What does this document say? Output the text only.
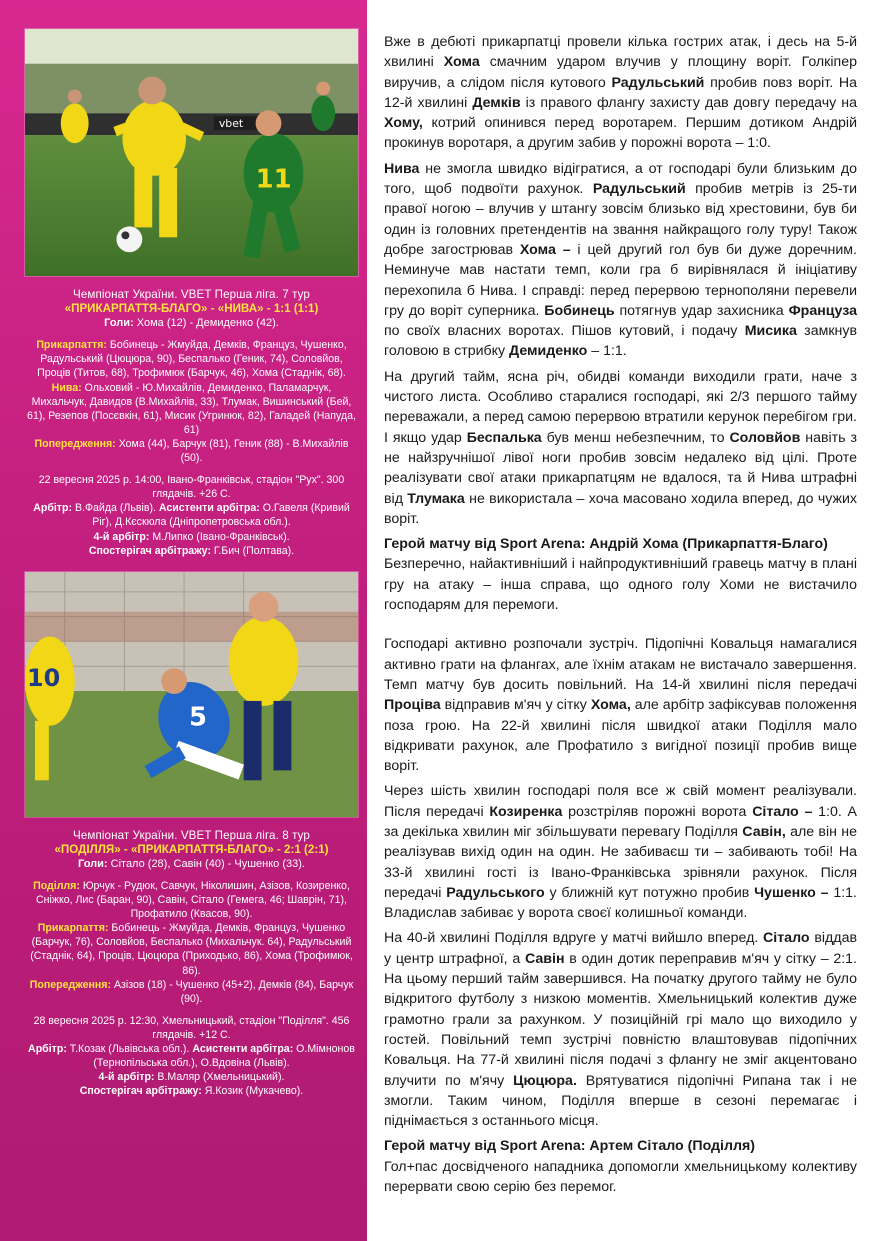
vbet
11
Чемпіонат України. VBET Перша ліга. 7 тур
«ПРИКАРПАТТЯ-БЛАГО» - «НИВА» - 1:1 (1:1)
Голи: Хома (12) - Демиденко (42).
Прикарпаття: Бобинець - Жмуйда, Демків, Француз, Чушенко, Радульський (Цюцюра, 90), Беспалько (Геник, 74), Соловйов, Проців (Титов, 68), Трофимюк (Барчук, 46), Хома (Стаднік, 68).
Нива: Ольховий - Ю.Михайлів, Демиденко, Паламарчук, Михальчук, Давидов (В.Михайлів, 33), Тлумак, Вишинський (Бей, 61), Резепов (Посєвкін, 61), Мисик (Угринюк, 82), Галадей (Напуда, 61)
Попередження: Хома (44), Барчук (81), Геник (88) - В.Михайлів (50).
22 вересня 2025 р. 14:00, Івано-Франківськ, стадіон "Рух". 300 глядачів. +26 С.
Арбітр: В.Файда (Львів). Асистенти арбітра: О.Гавеля (Кривий Ріг), Д.Кєскюла (Дніпропетровська обл.).
4-й арбітр: М.Липко (Івано-Франківськ).
Спостерігач арбітражу: Г.Бич (Полтава).
10
5
Чемпіонат України. VBET Перша ліга. 8 тур
«ПОДІЛЛЯ» - «ПРИКАРПАТТЯ-БЛАГО» - 2:1 (2:1)
Голи: Сітало (28), Савін (40) - Чушенко (33).
Поділля: Юрчук - Рудюк, Савчук, Ніколишин, Азізов, Козиренко, Сніжко, Лис (Баран, 90), Савін, Сітало (Гемега, 46; Шаврін, 71), Профатило (Квасов, 90).
Прикарпаття: Бобинець - Жмуйда, Демків, Француз, Чушенко (Барчук, 76), Соловйов, Беспалько (Михальчук. 64), Радульський (Стаднік, 64), Проців, Цюцюра (Приходько, 86), Хома (Трофимюк, 86).
Попередження: Азізов (18) - Чушенко (45+2), Демків (84), Барчук (90).
28 вересня 2025 р. 12:30, Хмельницький, стадіон "Поділля". 456 глядачів. +12 С.
Арбітр: Т.Козак (Львівська обл.). Асистенти арбітра: О.Мімнонов (Тернопільська обл.), О.Вдовіна (Львів).
4-й арбітр: В.Маляр (Хмельницький).
Спостерігач арбітражу: Я.Козик (Мукачево).

Вже в дебюті прикарпатці провели кілька гострих атак, і десь на 5-й хвилині Хома смачним ударом влучив у площину воріт. Голкіпер виручив, а слідом після кутового Радульський пробив повз воріт. На 12-й хвилині Демків із правого флангу захисту дав довгу передачу на Хому, котрий опинився перед воротарем. Першим дотиком Андрій прокинув воротаря, а другим забив у порожні ворота – 1:0.

Нива не змогла швидко відігратися, а от господарі були близьким до того, щоб подвоїти рахунок. Радульський пробив метрів із 25-ти правої ногою – влучив у штангу зовсім близько від хрестовини, був би один із головних претендентів на звання найкращого голу туру! Також добре загострював Хома – і цей другий гол був би дуже доречним. Неминуче мав настати темп, коли гра б вирівнялася й ініціативу перехопила б Нива. І справді: перед перервою тернополяни перевели гру до воріт суперника. Бобинець потягнув удар захисника Француза по своїх власних воротах. Пішов кутовий, і подачу Мисика замкнув головою в стрибку Демиденко – 1:1.

На другий тайм, ясна річ, обидві команди виходили грати, наче з чистого листа. Особливо старалися господарі, які 2/3 першого тайму переважали, а перед самою перервою втратили керунок перебігом гри. І якщо удар Беспалька був менш небезпечним, то Соловйов навіть з не найзручнішої лівої ноги пробив зовсім недалеко від цілі. Проте реалізувати свої атаки прикарпатцям не вдалося, та й Нива штрафні від Тлумака не використала – хоча масовано ходила вперед, до чужих воріт.

Герой матчу від Sport Arena: Андрій Хома (Прикарпаття-Благо)

Безперечно, найактивніший і найпродуктивніший гравець матчу в плані гру на атаку – інша справа, що одного голу Хоми не вистачило господарям для перемоги.

Господарі активно розпочали зустріч. Підопічні Ковальця намагалися активно грати на флангах, але їхнім атакам не вистачало завершення. Темп матчу був досить повільний. На 14-й хвилині після передачі Проціва відправив м'яч у сітку Хома, але арбітр зафіксував положення поза грою. На 22-й хвилині після швидкої атаки Поділля мало відкривати рахунок, але Профатило з вигідної позиції пробив вище воріт.

Через шість хвилин господарі поля все ж свій момент реалізували. Після передачі Козиренка розстріляв порожні ворота Сітало – 1:0. А за декілька хвилин міг збільшувати перевагу Поділля Савін, але він не реалізував вихід один на один. Не забиваєш ти – забивають тобі! На 33-й хвилині гості із Івано-Франківська зрівняли рахунок. Після передачі Радульського у ближній кут потужно пробив Чушенко – 1:1. Владислав забиває у ворота своєї колишньої команди.

На 40-й хвилині Поділля вдруге у матчі вийшло вперед. Сітало віддав у центр штрафної, а Савін в один дотик переправив м'яч у сітку – 2:1. На цьому перший тайм завершився. На початку другого тайму не було відкритого футболу з низкою моментів. Хмельницький колектив дуже грамотно грали за рахунком. У позиційній грі мало що виходило у гостей. Повільний темп зустрічі повністю влаштовував підопічних Ковальця. На 77-й хвилині після подачі з флангу не зміг акцентовано влучити по м'ячу Цюцюра. Врятуватися підопічні Рипана так і не змогли. Таким чином, Поділля вперше в сезоні перемагає і піднімається з останнього місця.

Герой матчу від Sport Arena: Артем Сітало (Поділля)

Гол+пас досвідченого нападника допомогли хмельницькому колективу перервати свою серію без перемог.
